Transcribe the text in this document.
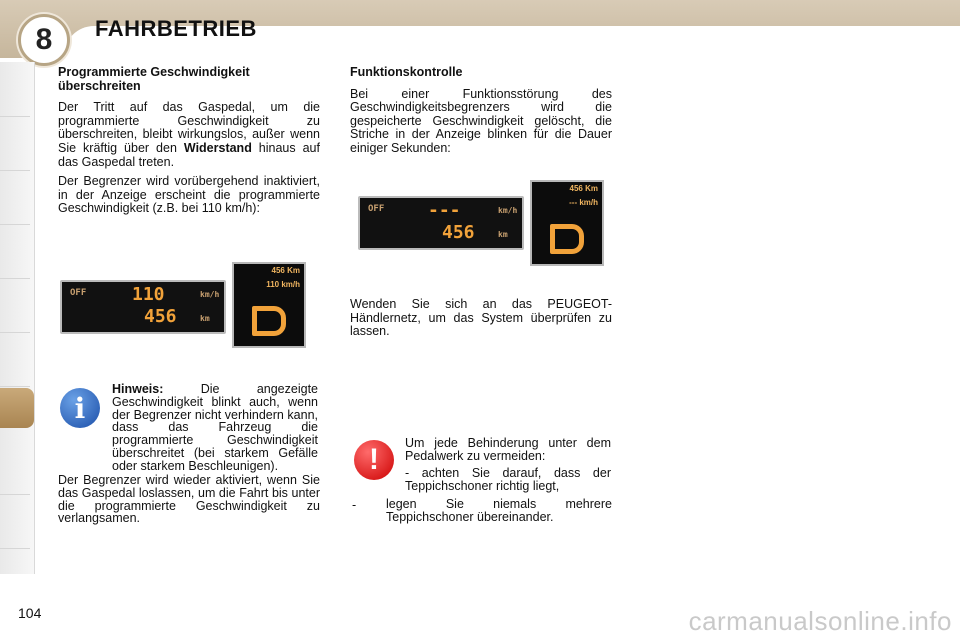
8	FAHRBETRIEB
Programmierte Geschwindigkeit überschreiten

Der Tritt auf das Gaspedal, um die programmierte Geschwindigkeit zu überschreiten, bleibt wirkungslos, außer wenn Sie kräftig über den Widerstand hinaus auf das Gaspedal treten.

Der Begrenzer wird vorübergehend inaktiviert, in der Anzeige erscheint die programmierte Geschwindigkeit (z.B. bei 110 km/h):

OFF	110	km/h
456	km
456 Km
110 km/h
i
Hinweis: Die angezeigte Geschwindigkeit blinkt auch, wenn der Begrenzer nicht verhindern kann, dass das Fahrzeug die programmierte Geschwindigkeit überschreitet (bei starkem Gefälle oder starkem Beschleunigen).
Der Begrenzer wird wieder aktiviert, wenn Sie das Gaspedal loslassen, um die Fahrt bis unter die programmierte Geschwindigkeit zu verlangsamen.
Funktionskontrolle

Bei einer Funktionsstörung des Geschwindigkeitsbegrenzers wird die gespeicherte Geschwindigkeit gelöscht, die Striche in der Anzeige blinken für die Dauer einiger Sekunden:

OFF ---	km/h
456	km
456 Km
--- km/h

Wenden Sie sich an das PEUGEOT-Händlernetz, um das System überprüfen zu lassen.

!	Um jede Behinderung unter dem Pedalwerk zu vermeiden:
- achten Sie darauf, dass der Teppichschoner richtig liegt,
- legen Sie niemals mehrere Teppichschoner übereinander.
104	carmanualsonline.info
